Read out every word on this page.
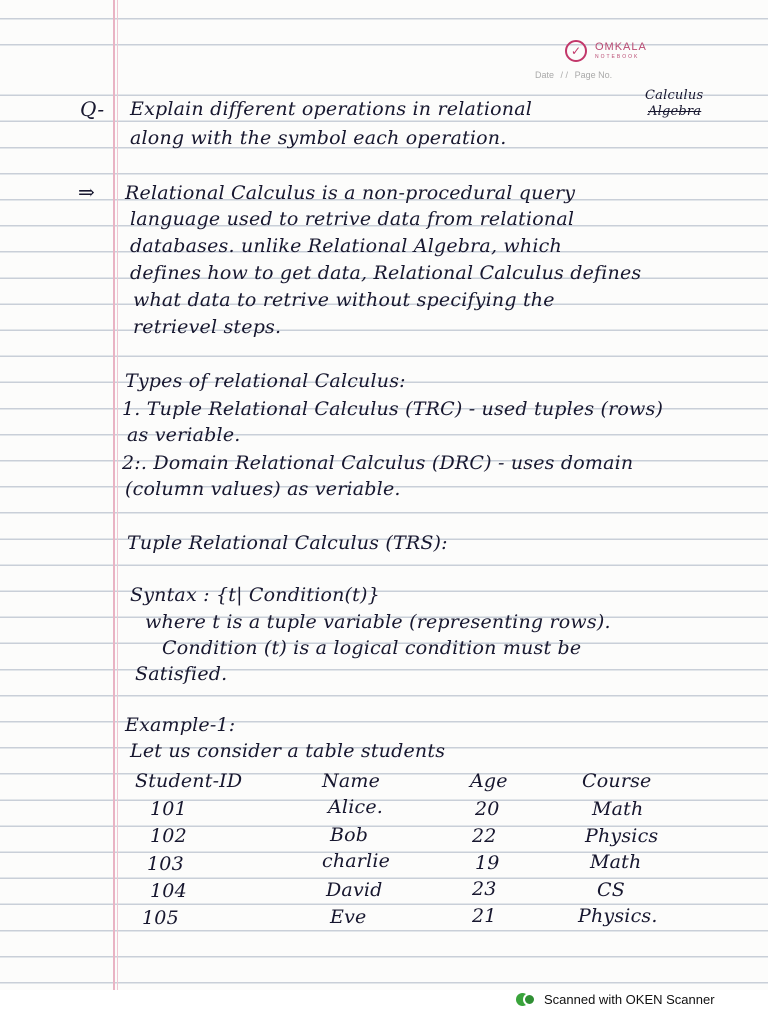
✓	OMKALA
NOTEBOOK
Date / / Page No.
Q- Explain different operations in relational
Calculus
Algebra
along with the symbol each operation.
⇒ Relational Calculus is a non-procedural query
language used to retrive data from relational
databases. unlike Relational Algebra, which
defines how to get data, Relational Calculus defines
what data to retrive without specifying the
retrievel steps.
Types of relational Calculus:
1. Tuple Relational Calculus (TRC) - used tuples (rows)
as veriable.
2:. Domain Relational Calculus (DRC) - uses domain
(column values) as veriable.
Tuple Relational Calculus (TRS):
Syntax : {t| Condition(t)}
where t is a tuple variable (representing rows).
Condition (t) is a logical condition must be
Satisfied.
Example-1:
Let us consider a table students
Student-ID	Name	Age	Course
101	Alice.	20	Math
102	Bob	22	Physics
103	charlie	19	Math
104	David	23	CS
105	Eve	21	Physics.
Scanned with OKEN Scanner
